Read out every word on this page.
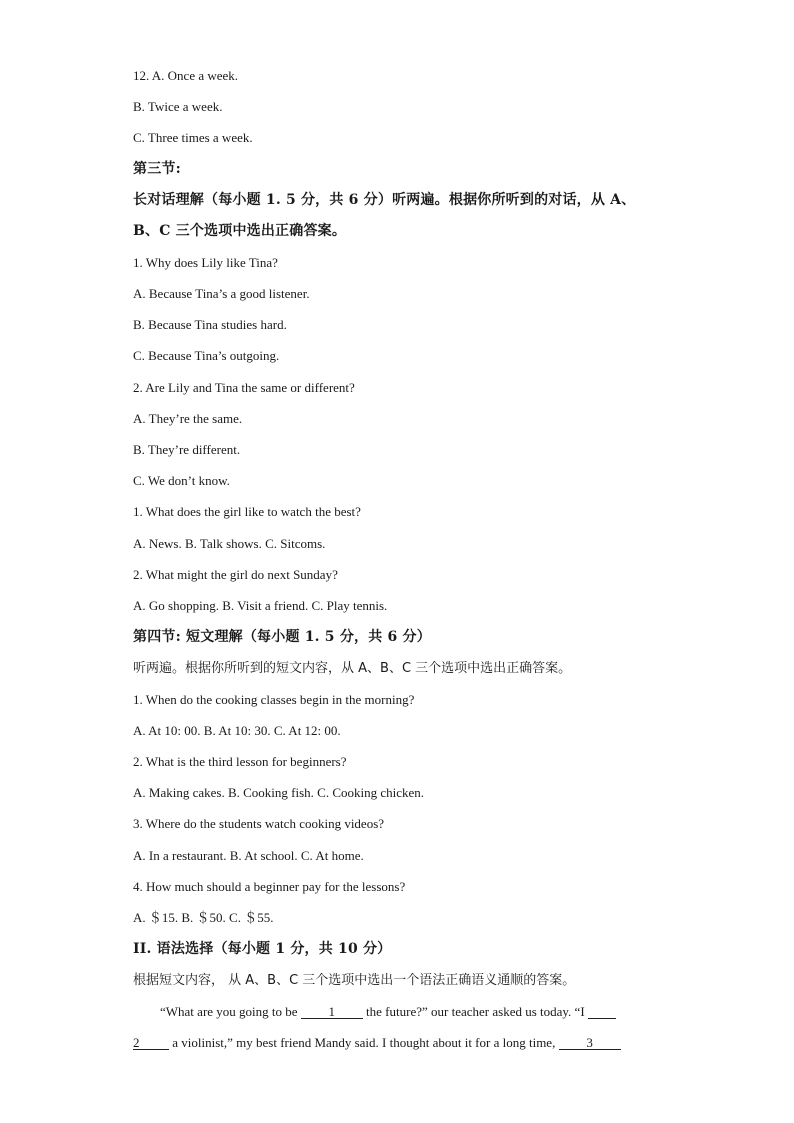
12. A. Once a week.
B. Twice a week.
C. Three times a week.
第三节:
长对话理解（每小题 1. 5 分，共 6 分）听两遍。根据你所听到的对话，从 A、
B、C 三个选项中选出正确答案。
1. Why does Lily like Tina?
A. Because Tina’s a good listener.
B. Because Tina studies hard.
C. Because Tina’s outgoing.
2. Are Lily and Tina the same or different?
A. They’re the same.
B. They’re different.
C. We don’t know.
1. What does the girl like to watch the best?
A. News. B. Talk shows. C. Sitcoms.
2. What might the girl do next Sunday?
A. Go shopping. B. Visit a friend. C. Play tennis.
第四节: 短文理解（每小题 1. 5 分，共 6 分）
听两遍。根据你所听到的短文内容，从 A、B、C 三个选项中选出正确答案。
1. When do the cooking classes begin in the morning?
A. At 10: 00. B. At 10: 30. C. At 12: 00.
2. What is the third lesson for beginners?
A. Making cakes. B. Cooking fish. C. Cooking chicken.
3. Where do the students watch cooking videos?
A. In a restaurant. B. At school. C. At home.
4. How much should a beginner pay for the lessons?
A. ＄15. B. ＄50. C. ＄55.
II. 语法选择（每小题 1 分，共 10 分）
根据短文内容， 从 A、B、C 三个选项中选出一个语法正确语义通顺的答案。
“What are you going to be 1 the future?” our teacher asked us today. “I
2 a violinist,” my best friend Mandy said. I thought about it for a long time, 3
